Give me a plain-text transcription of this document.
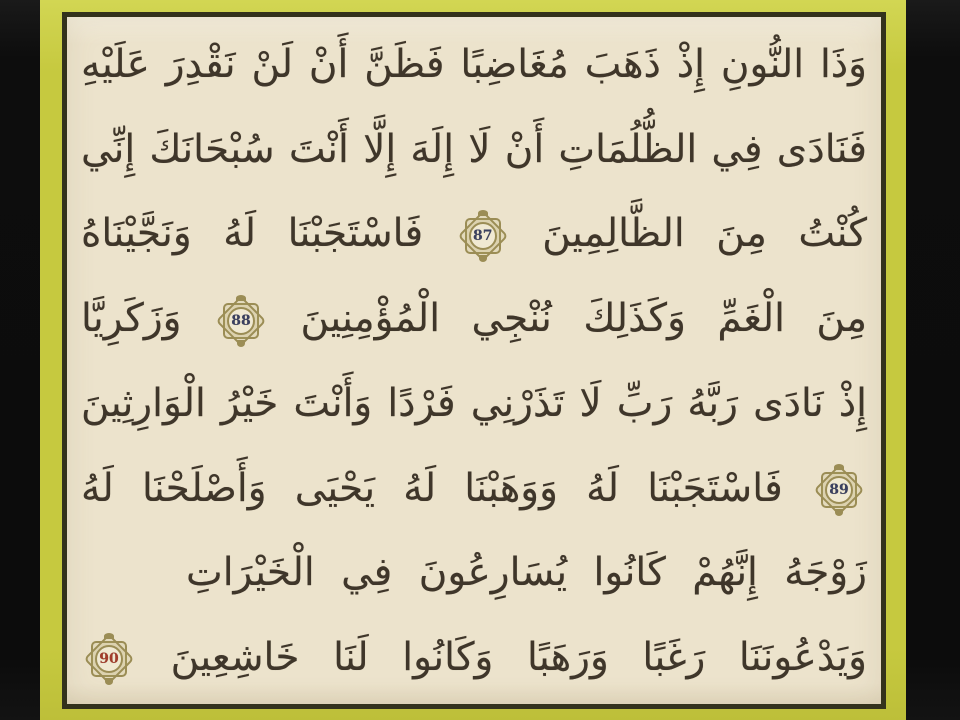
وَذَا النُّونِ إِذْ ذَهَبَ مُغَاضِبًا فَظَنَّ أَنْ لَنْ نَقْدِرَ عَلَيْهِ
فَنَادَى فِي الظُّلُمَاتِ أَنْ لَا إِلَهَ إِلَّا أَنْتَ سُبْحَانَكَ إِنِّي
كُنْتُ مِنَ الظَّالِمِينَ
87
فَاسْتَجَبْنَا لَهُ وَنَجَّيْنَاهُ
مِنَ الْغَمِّ وَكَذَلِكَ نُنْجِي الْمُؤْمِنِينَ
88
وَزَكَرِيَّا
إِذْ نَادَى رَبَّهُ رَبِّ لَا تَذَرْنِي فَرْدًا وَأَنْتَ خَيْرُ الْوَارِثِينَ
89
فَاسْتَجَبْنَا لَهُ وَوَهَبْنَا لَهُ يَحْيَى وَأَصْلَحْنَا لَهُ
زَوْجَهُ إِنَّهُمْ كَانُوا يُسَارِعُونَ فِي الْخَيْرَاتِ
وَيَدْعُونَنَا رَغَبًا وَرَهَبًا وَكَانُوا لَنَا خَاشِعِينَ
90
